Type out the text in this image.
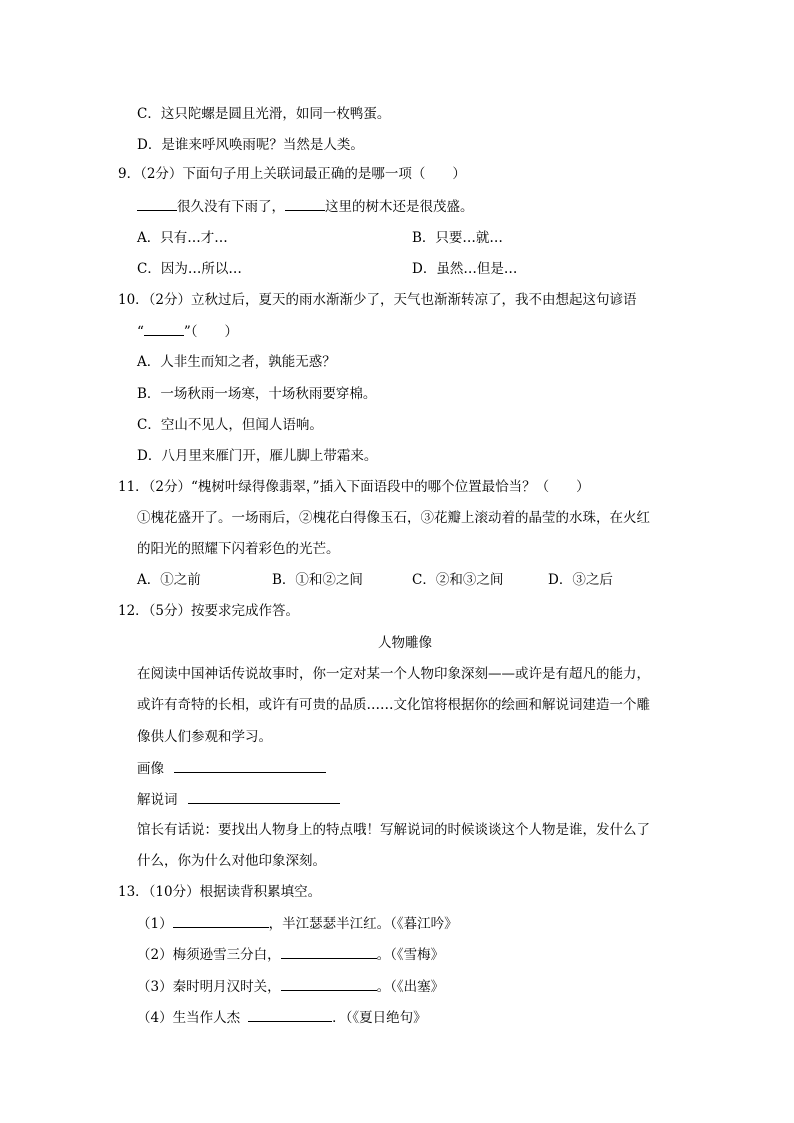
C．这只陀螺是圆且光滑，如同一枚鸭蛋。
D．是谁来呼风唤雨呢？当然是人类。
9．（2分）下面句子用上关联词最正确的是哪一项（　　）
很久没有下雨了，	这里的树木还是很茂盛。
A．只有…才…	B．只要…就…
C．因为…所以…	D．虽然…但是…
10．（2分）立秋过后，夏天的雨水渐渐少了，天气也渐渐转凉了，我不由想起这句谚语
“	”（　　）
A．人非生而知之者，孰能无惑？
B．一场秋雨一场寒，十场秋雨要穿棉。
C．空山不见人，但闻人语响。
D．八月里来雁门开，雁儿脚上带霜来。
11．（2分）“槐树叶绿得像翡翠，”插入下面语段中的哪个位置最恰当？（　　）
①槐花盛开了。一场雨后，②槐花白得像玉石，③花瓣上滚动着的晶莹的水珠，在火红
的阳光的照耀下闪着彩色的光芒。
A．①之前	B．①和②之间	C．②和③之间	D．③之后
12．（5分）按要求完成作答。
人物雕像
在阅读中国神话传说故事时，你一定对某一个人物印象深刻——或许是有超凡的能力，
或许有奇特的长相，或许有可贵的品质……文化馆将根据你的绘画和解说词建造一个雕
像供人们参观和学习。
画像
解说词
馆长有话说：要找出人物身上的特点哦！写解说词的时候谈谈这个人物是谁，发什么了
什么，你为什么对他印象深刻。
13．（10分）根据读背积累填空。
（1）	，半江瑟瑟半江红。（《暮江吟》
（2）梅须逊雪三分白，	。（《雪梅》
（3）秦时明月汉时关，	。（《出塞》
（4）生当作人杰	．（《夏日绝句》
